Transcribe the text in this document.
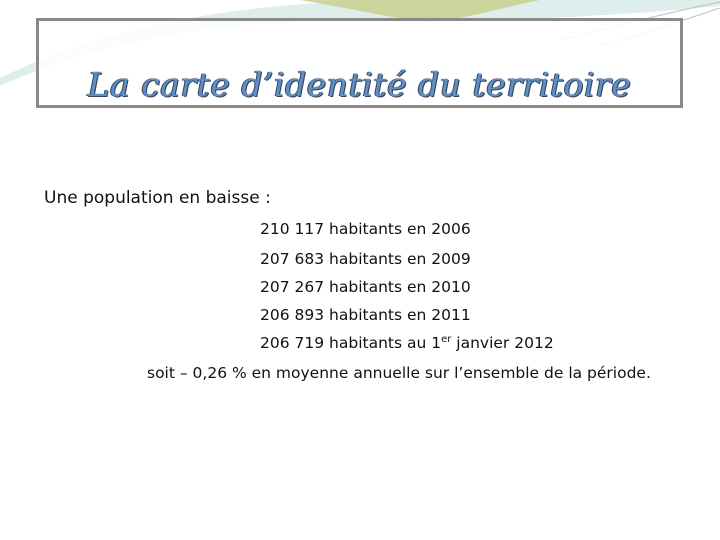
La carte d’identité du territoire
Une population en baisse :
210 117 habitants en 2006
207 683 habitants en 2009
207 267 habitants en 2010
206 893 habitants en 2011
206 719 habitants au 1er janvier 2012
soit – 0,26 % en moyenne annuelle sur l’ensemble de la période.
